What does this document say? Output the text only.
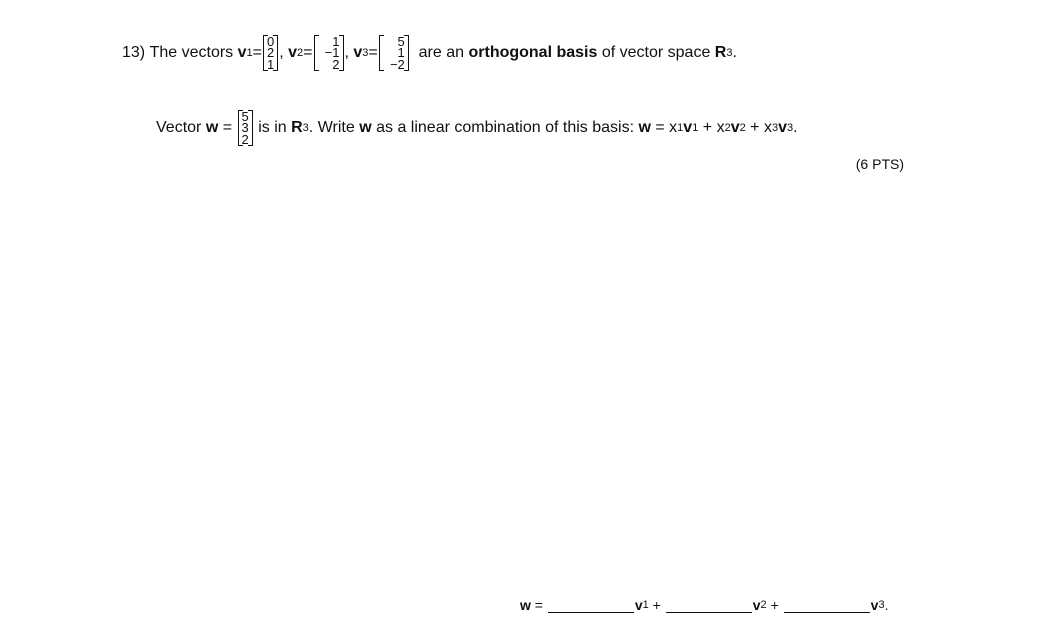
13)
The vectors
v 1 =
0
2
1
, v 2 =
1
−1
2
, v 3 =
5
1
−2

are an
orthogonal basis
of vector space
R 3 .
Vector
w
=

5
3
2

is in
R 3 . Write
w
as a linear combination of this basis:
w
= x 1 v 1 + x 2 v 2 + x 3 v 3 .
(6 PTS)
w
=
	v 1
+
	v 2
+
	v 3 .
